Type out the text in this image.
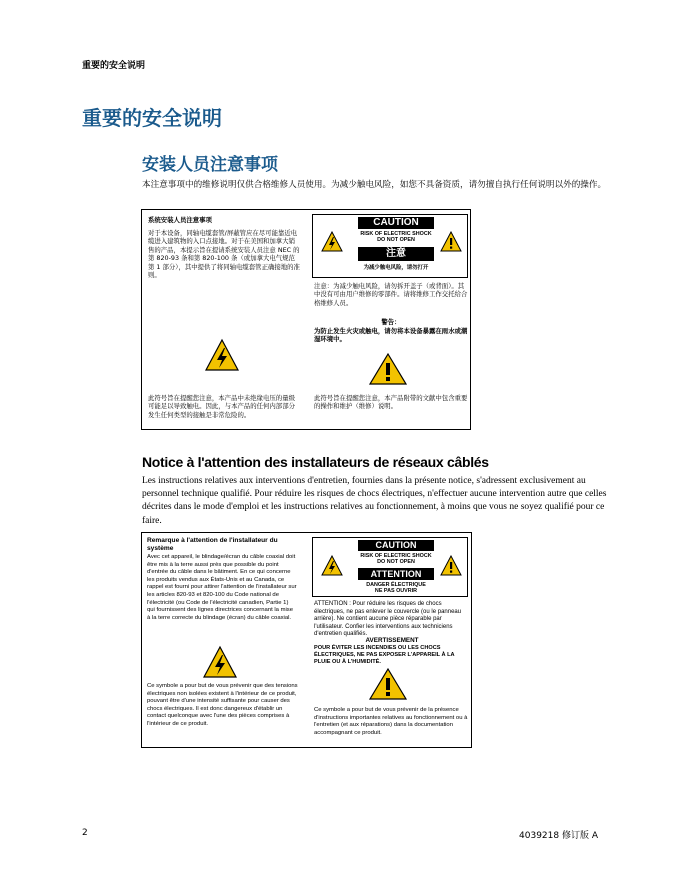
重要的安全说明
重要的安全说明
安装人员注意事项
本注意事项中的维修说明仅供合格维修人员使用。为减少触电风险，如您不具备资质，请勿擅自执行任何说明以外的操作。
系统安装人员注意事项
对于本设备，同轴电缆套管/屏蔽管应在尽可能靠近电缆进入建筑物的入口点接地。对于在美国和加拿大销售的产品，本提示旨在提请系统安装人员注意 NEC 的第 820-93 条和第 820-100 条（或加拿大电气规范第 1 部分），其中提供了将同轴电缆套管正确接地的准则。
CAUTION
RISK OF ELECTRIC SHOCK
DO NOT OPEN
注意
为减少触电风险，请勿打开
注意：为减少触电风险，请勿拆开盖子（或背面）。其中没有可由用户维修的零部件。请将维修工作交托给合格维修人员。
警告：
为防止发生火灾或触电，请勿将本设备暴露在雨水或潮湿环境中。
此符号旨在提醒您注意，本产品中未绝缘电压的量级可能足以导致触电。因此，与本产品的任何内部部分发生任何类型的接触是非常危险的。
此符号旨在提醒您注意，本产品附带的文献中包含重要的操作和维护（维修）说明。
Notice à l'attention des installateurs de réseaux câblés
Les instructions relatives aux interventions d'entretien, fournies dans la présente notice, s'adressent exclusivement au personnel technique qualifié. Pour réduire les risques de chocs électriques, n'effectuer aucune intervention autre que celles décrites dans le mode d'emploi et les instructions relatives au fonctionnement, à moins que vous ne soyez qualifié pour ce faire.
Remarque à l'attention de l'installateur du système
Avec cet appareil, le blindage/écran du câble coaxial doit être mis à la terre aussi près que possible du point d'entrée du câble dans le bâtiment. En ce qui concerne les produits vendus aux États-Unis et au Canada, ce rappel est fourni pour attirer l'attention de l'installateur sur les articles 820-93 et 820-100 du Code national de l'électricité (ou Code de l'électricité canadien, Partie 1) qui fournissent des lignes directrices concernant la mise à la terre correcte du blindage (écran) du câble coaxial.
CAUTION
RISK OF ELECTRIC SHOCK
DO NOT OPEN
ATTENTION
DANGER ÉLECTRIQUE
NE PAS OUVRIR
ATTENTION : Pour réduire les risques de chocs électriques, ne pas enlever le couvercle (ou le panneau arrière). Ne contient aucune pièce réparable par l'utilisateur. Confier les interventions aux techniciens d'entretien qualifiés.
AVERTISSEMENT
POUR ÉVITER LES INCENDIES OU LES CHOCS ÉLECTRIQUES, NE PAS EXPOSER L'APPAREIL À LA PLUIE OU À L'HUMIDITÉ.
Ce symbole a pour but de vous prévenir que des tensions électriques non isolées existent à l'intérieur de ce produit, pouvant être d'une intensité suffisante pour causer des chocs électriques. Il est donc dangereux d'établir un contact quelconque avec l'une des pièces comprises à l'intérieur de ce produit.
Ce symbole a pour but de vous prévenir de la présence d'instructions importantes relatives au fonctionnement ou à l'entretien (et aux réparations) dans la documentation accompagnant ce produit.
2	4039218 修订版 A
